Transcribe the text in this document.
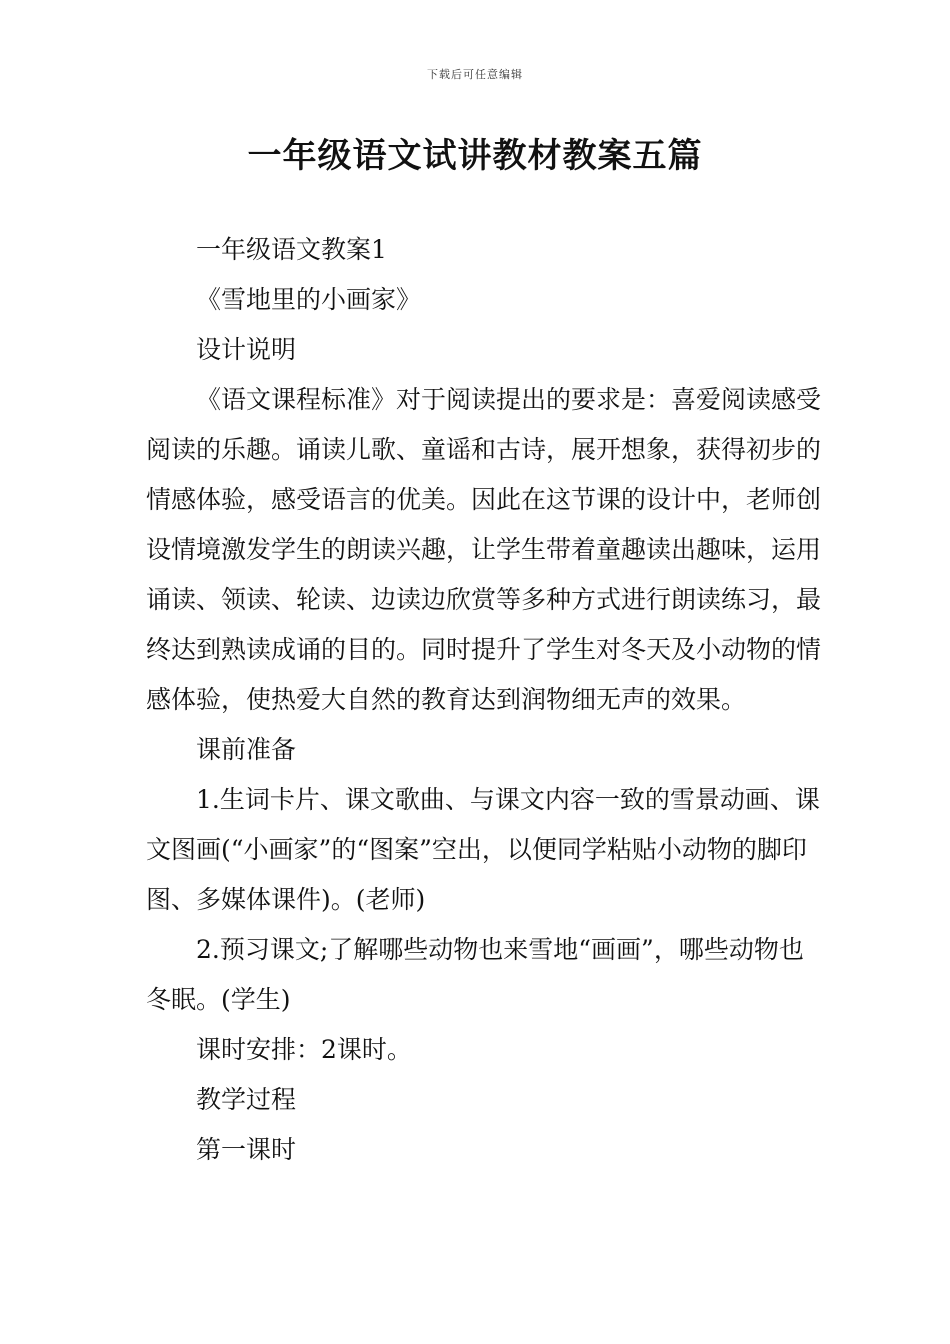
下载后可任意编辑
一年级语文试讲教材教案五篇

一年级语文教案1

《雪地里的小画家》

设计说明

《语文课程标准》对于阅读提出的要求是：喜爱阅读感受阅读的乐趣。诵读儿歌、童谣和古诗，展开想象，获得初步的情感体验，感受语言的优美。因此在这节课的设计中，老师创设情境激发学生的朗读兴趣，让学生带着童趣读出趣味，运用诵读、领读、轮读、边读边欣赏等多种方式进行朗读练习，最终达到熟读成诵的目的。同时提升了学生对冬天及小动物的情感体验，使热爱大自然的教育达到润物细无声的效果。

课前准备

1.生词卡片、课文歌曲、与课文内容一致的雪景动画、课文图画(“小画家”的“图案”空出，以便同学粘贴小动物的脚印图、多媒体课件)。(老师)

2.预习课文;了解哪些动物也来雪地“画画”，哪些动物也冬眠。(学生)

课时安排：2课时。

教学过程

第一课时
